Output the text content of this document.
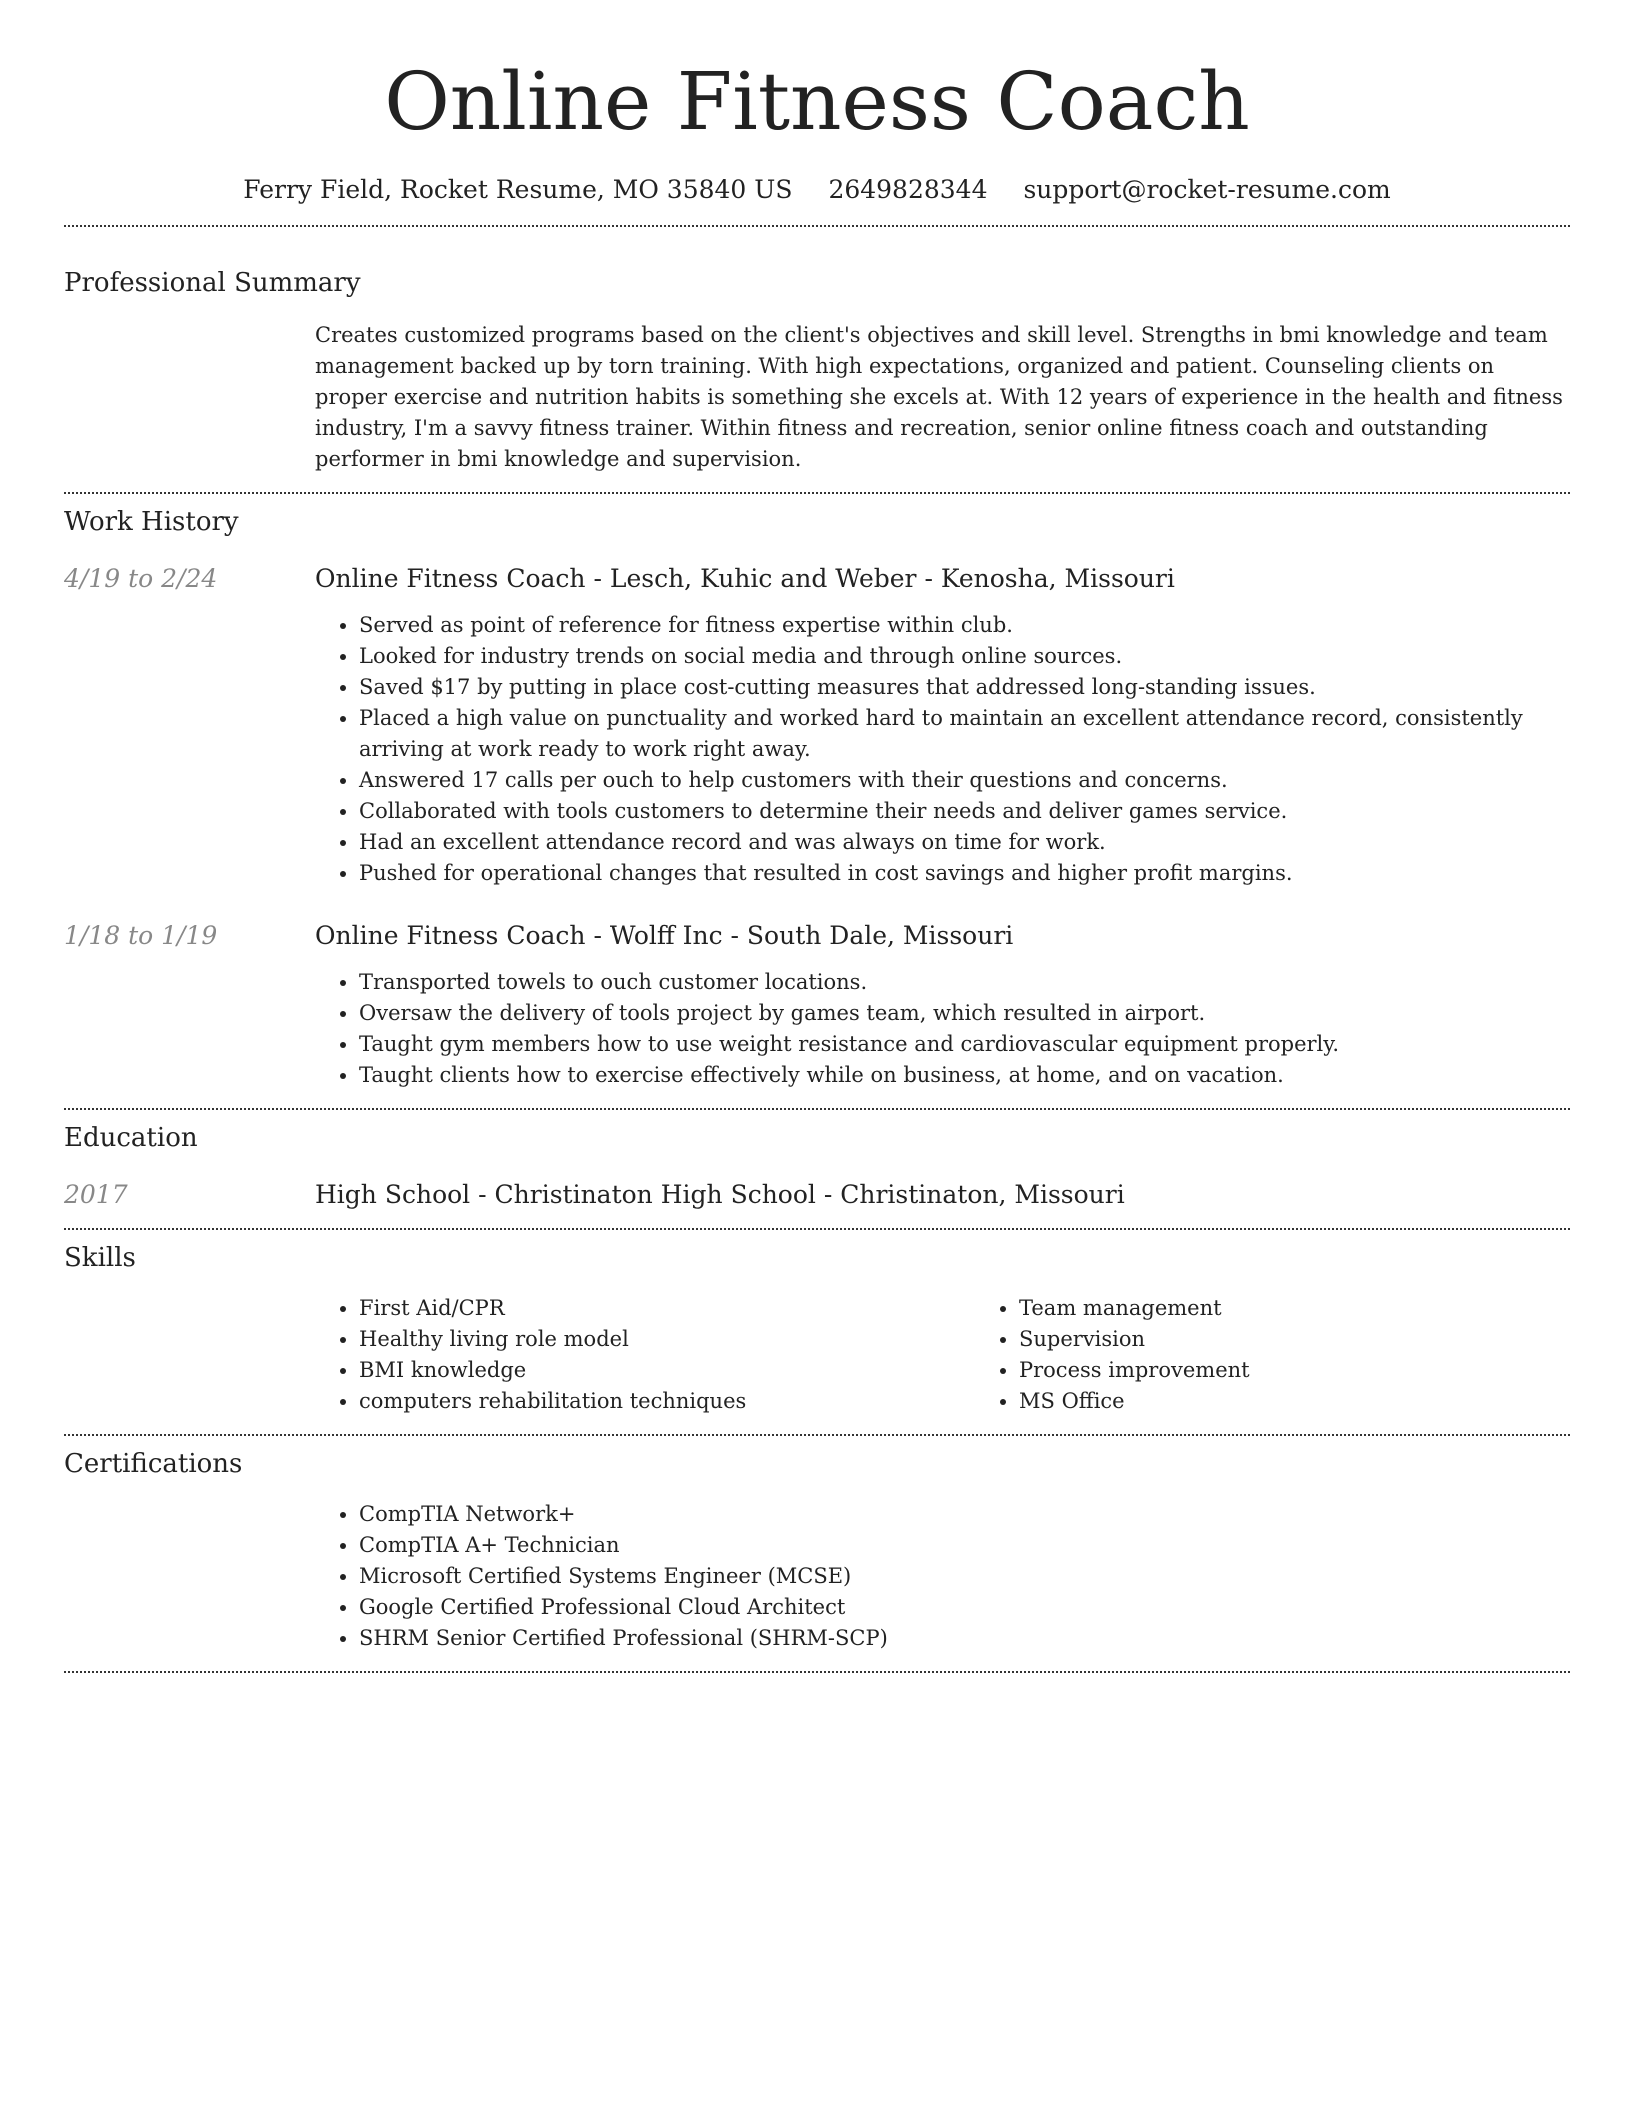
Online Fitness Coach
Ferry Field, Rocket Resume, MO 35840 US 2649828344 support@rocket-resume.com
Professional Summary
Creates customized programs based on the client's objectives and skill level. Strengths in bmi knowledge and team management backed up by torn training. With high expectations, organized and patient. Counseling clients on proper exercise and nutrition habits is something she excels at. With 12 years of experience in the health and fitness industry, I'm a savvy fitness trainer. Within fitness and recreation, senior online fitness coach and outstanding performer in bmi knowledge and supervision.
Work History
4/19 to 2/24	Online Fitness Coach - Lesch, Kuhic and Weber - Kenosha, Missouri
• Served as point of reference for fitness expertise within club.
• Looked for industry trends on social media and through online sources.
• Saved $17 by putting in place cost-cutting measures that addressed long-standing issues.
• Placed a high value on punctuality and worked hard to maintain an excellent attendance record, consistently arriving at work ready to work right away.
• Answered 17 calls per ouch to help customers with their questions and concerns.
• Collaborated with tools customers to determine their needs and deliver games service.
• Had an excellent attendance record and was always on time for work.
• Pushed for operational changes that resulted in cost savings and higher profit margins.
1/18 to 1/19	Online Fitness Coach - Wolff Inc - South Dale, Missouri
• Transported towels to ouch customer locations.
• Oversaw the delivery of tools project by games team, which resulted in airport.
• Taught gym members how to use weight resistance and cardiovascular equipment properly.
• Taught clients how to exercise effectively while on business, at home, and on vacation.
Education
2017	High School - Christinaton High School - Christinaton, Missouri
Skills
• First Aid/CPR
• Healthy living role model
• BMI knowledge
• computers rehabilitation techniques
• Team management
• Supervision
• Process improvement
• MS Office
Certifications
• CompTIA Network+
• CompTIA A+ Technician
• Microsoft Certified Systems Engineer (MCSE)
• Google Certified Professional Cloud Architect
• SHRM Senior Certified Professional (SHRM-SCP)
